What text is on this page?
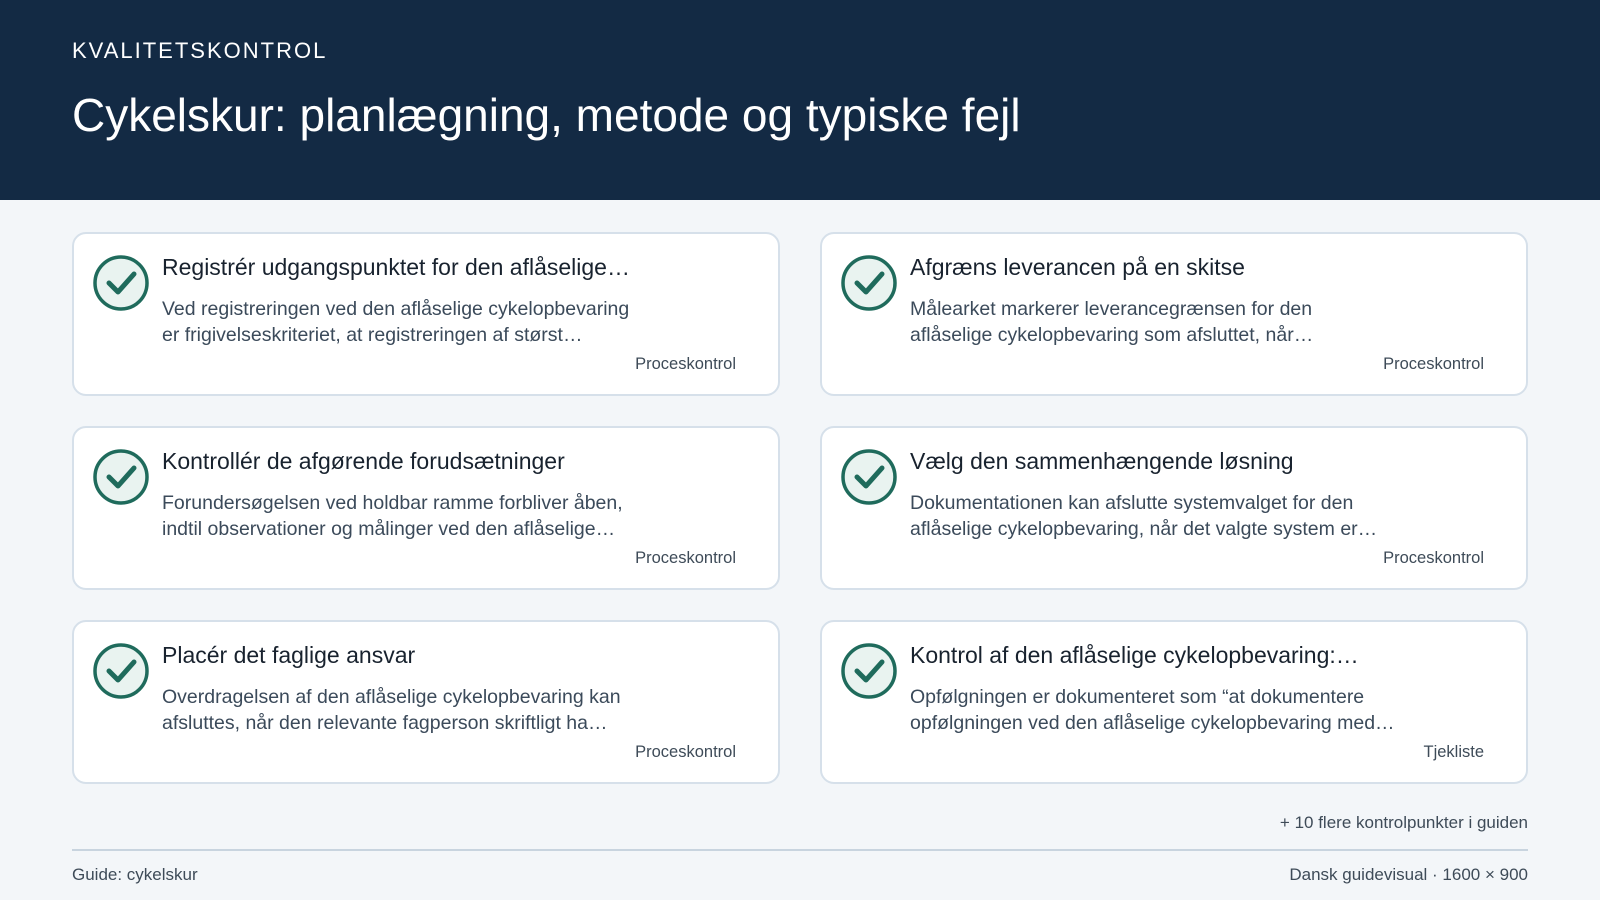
KVALITETSKONTROL
Cykelskur: planlægning, metode og typiske fejl
Registrér udgangspunktet for den aflåselige…
Ved registreringen ved den aflåselige cykelopbevaring
er frigivelseskriteriet, at registreringen af størst…
Proceskontrol
Afgræns leverancen på en skitse
Målearket markerer leverancegrænsen for den
aflåselige cykelopbevaring som afsluttet, når…
Proceskontrol
Kontrollér de afgørende forudsætninger
Forundersøgelsen ved holdbar ramme forbliver åben,
indtil observationer og målinger ved den aflåselige…
Proceskontrol
Vælg den sammenhængende løsning
Dokumentationen kan afslutte systemvalget for den
aflåselige cykelopbevaring, når det valgte system er…
Proceskontrol
Placér det faglige ansvar
Overdragelsen af den aflåselige cykelopbevaring kan
afsluttes, når den relevante fagperson skriftligt ha…
Proceskontrol
Kontrol af den aflåselige cykelopbevaring:…
Opfølgningen er dokumenteret som “at dokumentere
opfølgningen ved den aflåselige cykelopbevaring med…
Tjekliste
+ 10 flere kontrolpunkter i guiden
Guide: cykelskur	Dansk guidevisual · 1600 × 900
